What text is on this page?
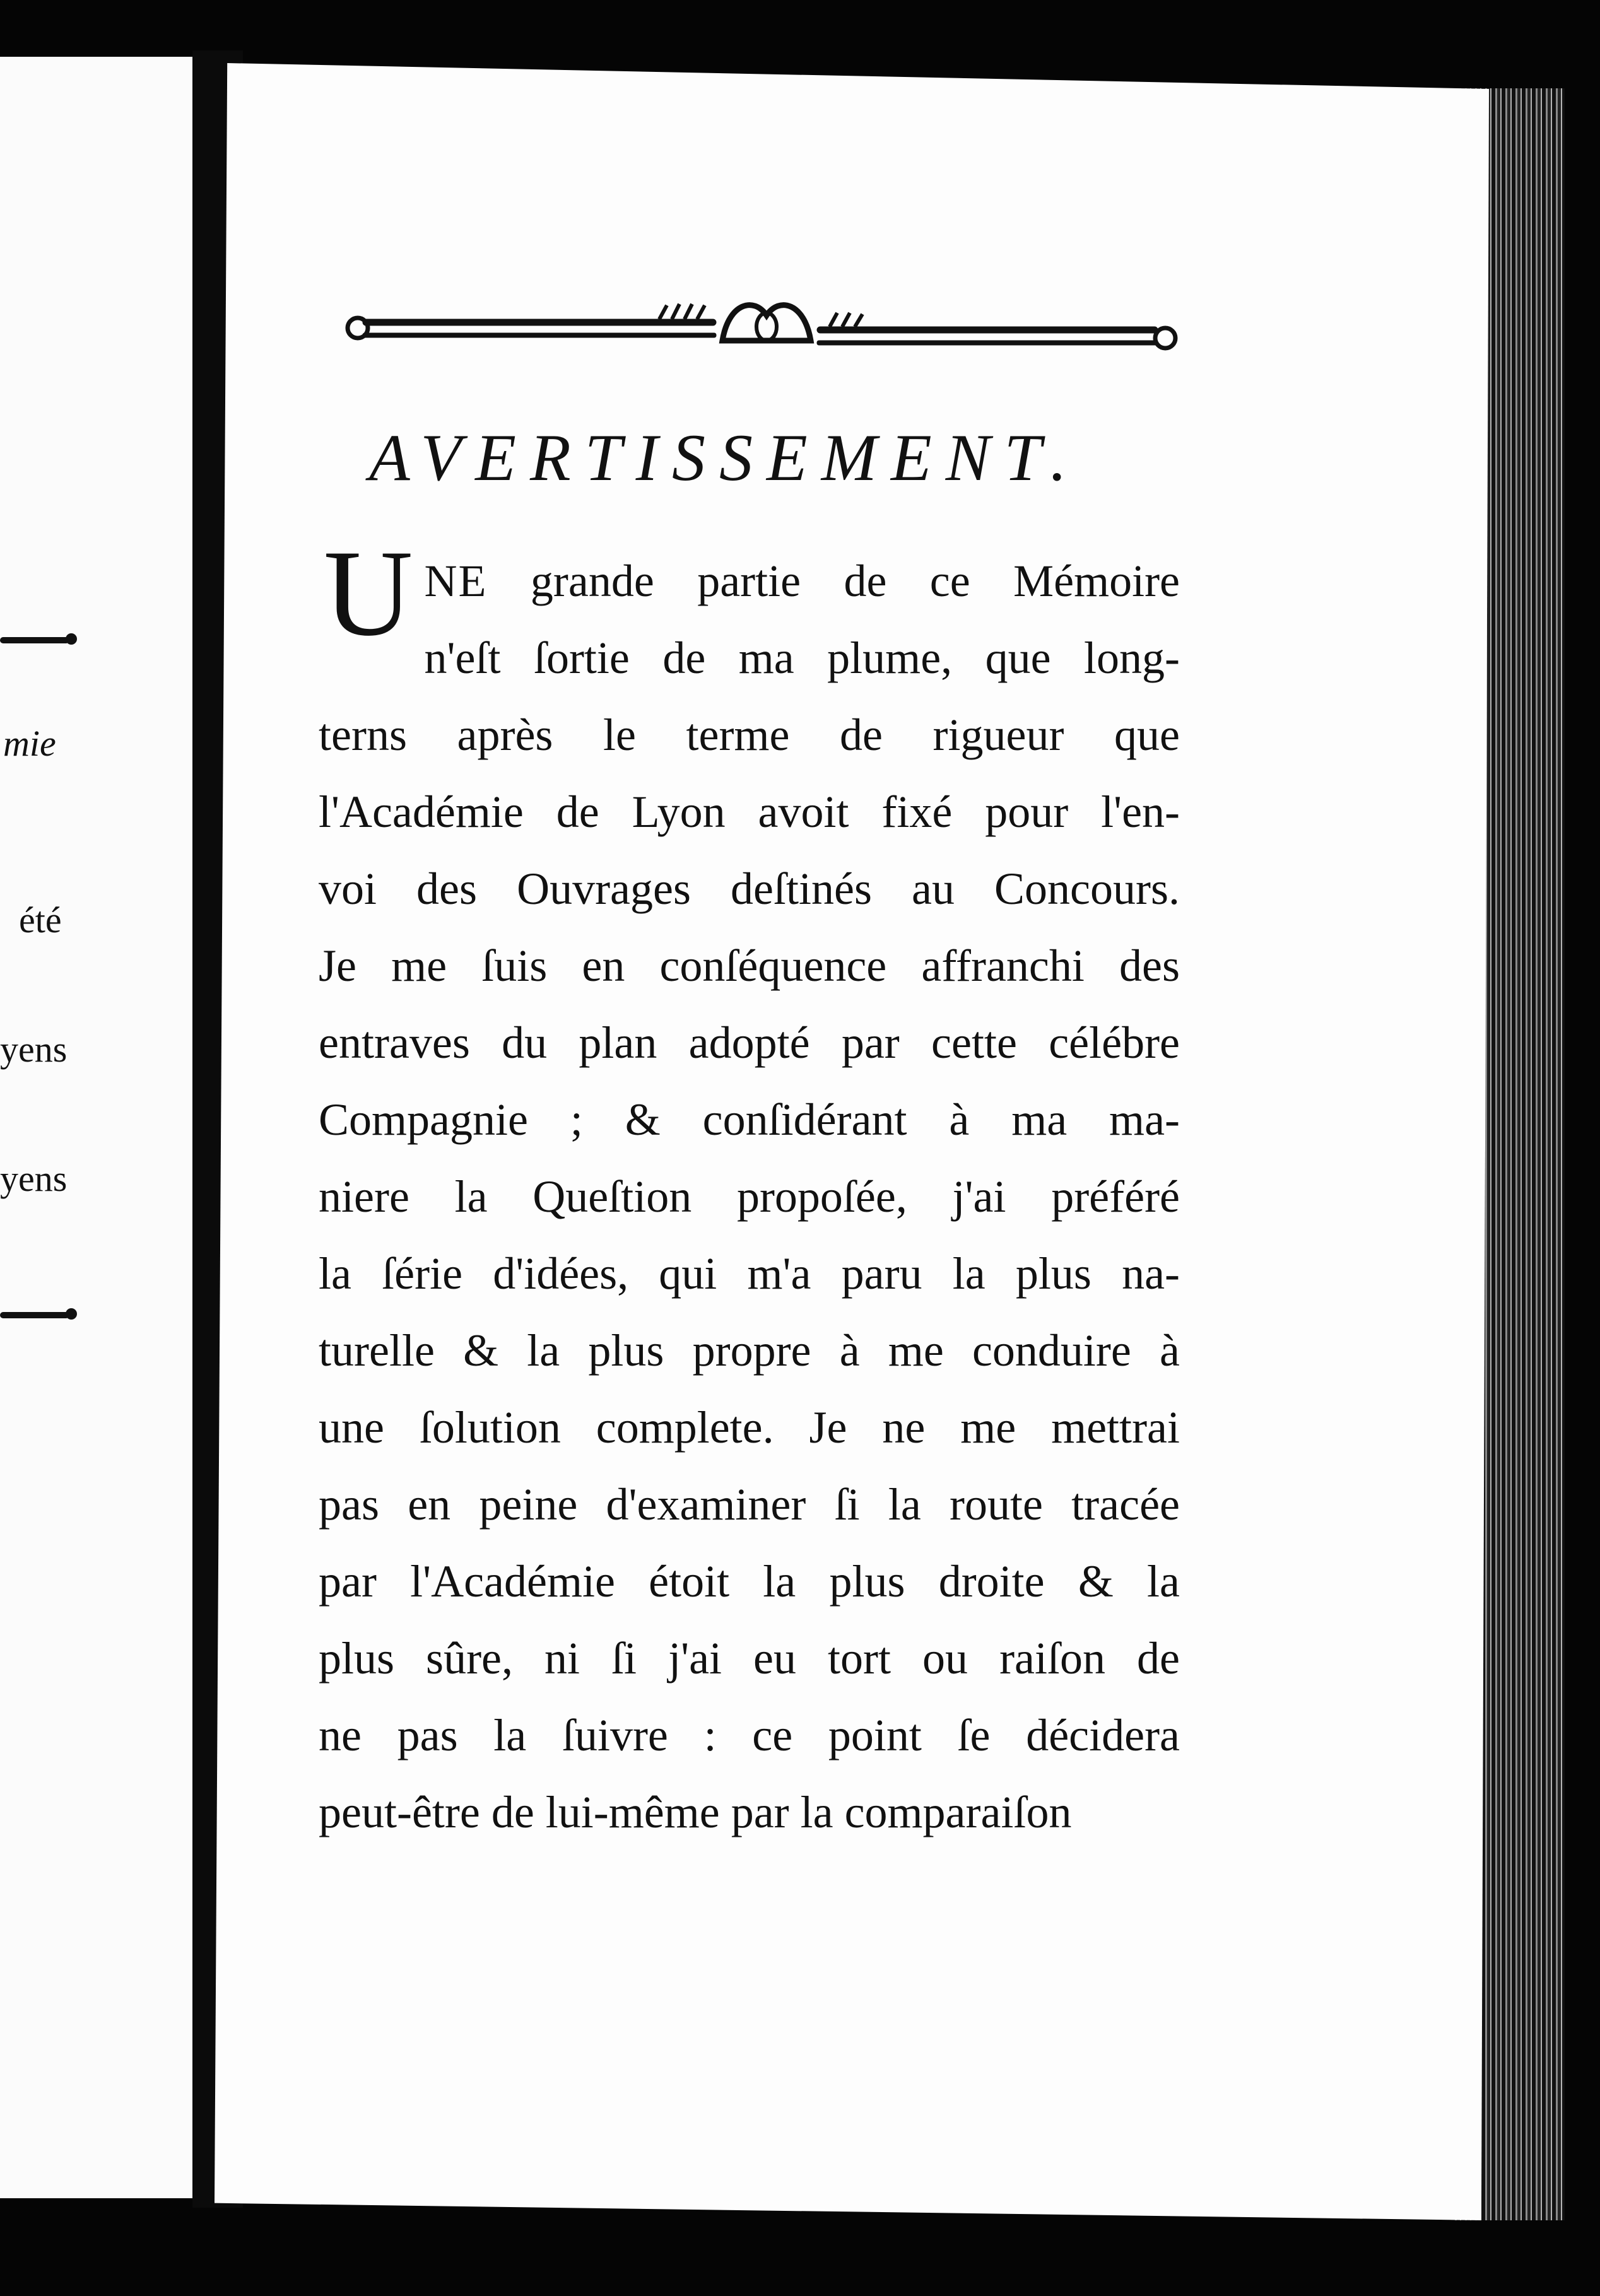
mie
été
yens
yens
AVERTISSEMENT.
U NE grande partie de ce Mémoire
n'eſt ſortie de ma plume, que long-
terns après le terme de rigueur que
l'Académie de Lyon avoit fixé pour l'en-
voi des Ouvrages deſtinés au Concours.
Je me ſuis en conſéquence affranchi des
entraves du plan adopté par cette célébre
Compagnie ; & conſidérant à ma ma-
niere la Queſtion propoſée, j'ai préféré
la ſérie d'idées, qui m'a paru la plus na-
turelle & la plus propre à me conduire à
une ſolution complete. Je ne me mettrai
pas en peine d'examiner ſi la route tracée
par l'Académie étoit la plus droite & la
plus sûre, ni ſi j'ai eu tort ou raiſon de
ne pas la ſuivre : ce point ſe décidera
peut-être de lui-même par la comparaiſon
